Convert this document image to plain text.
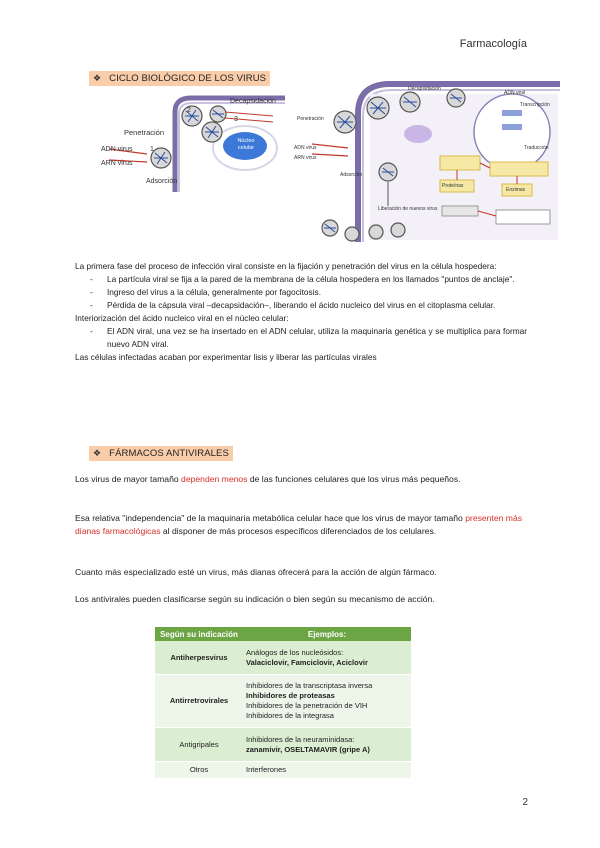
Farmacología
❖ CICLO BIOLÓGICO DE LOS VIRUS
Decapsidación
Penetración
ADN virus
ARN virus
Adsorción
Núcleo celular
1
2
3
Decapsidación
Penetración
ADN virus
ARN virus
Adsorción
ADN viral
Transcripción
Traducción
Proteínas
Enzimas
Liberación de nuevos virus

La primera fase del proceso de infección viral consiste en la fijación y penetración del virus en la célula hospedera:

- La partícula viral se fija a la pared de la membrana de la célula hospedera en los llamados "puntos de anclaje".
- Ingreso del virus a la célula, generalmente por fagocitosis.
- Pérdida de la cápsula viral –decapsidación–, liberando el ácido nucleico del virus en el citoplasma celular.

Interiorización del ácido nucleico viral en el núcleo celular:

- El ADN viral, una vez se ha insertado en el ADN celular, utiliza la maquinaria genética y se multiplica para formar nuevo ADN viral.

Las células infectadas acaban por experimentar lisis y liberar las partículas virales

❖ FÁRMACOS ANTIVIRALES
Los virus de mayor tamaño dependen menos de las funciones celulares que los virus más pequeños.
Esa relativa "independencia" de la maquinaria metabólica celular hace que los virus de mayor tamaño presenten más dianas farmacológicas al disponer de más procesos específicos diferenciados de los celulares.
Cuanto más especializado esté un virus, más dianas ofrecerá para la acción de algún fármaco.
Los antivirales pueden clasificarse según su indicación o bien según su mecanismo de acción.
Según su indicación	Ejemplos:
Antiherpesvirus	Análogos de los nucleósidos:
Valaciclovir, Famciclovir, Aciclovir

Antirretrovirales	Inhibidores de la transcriptasa inversa
Inhibidores de proteasas
Inhibidores de la penetración de VIH
Inhibidores de la integrasa

Antigripales	Inhibidores de la neuraminidasa:
zanamivir, OSELTAMAVIR (gripe A)

Otros	Interferones
2
